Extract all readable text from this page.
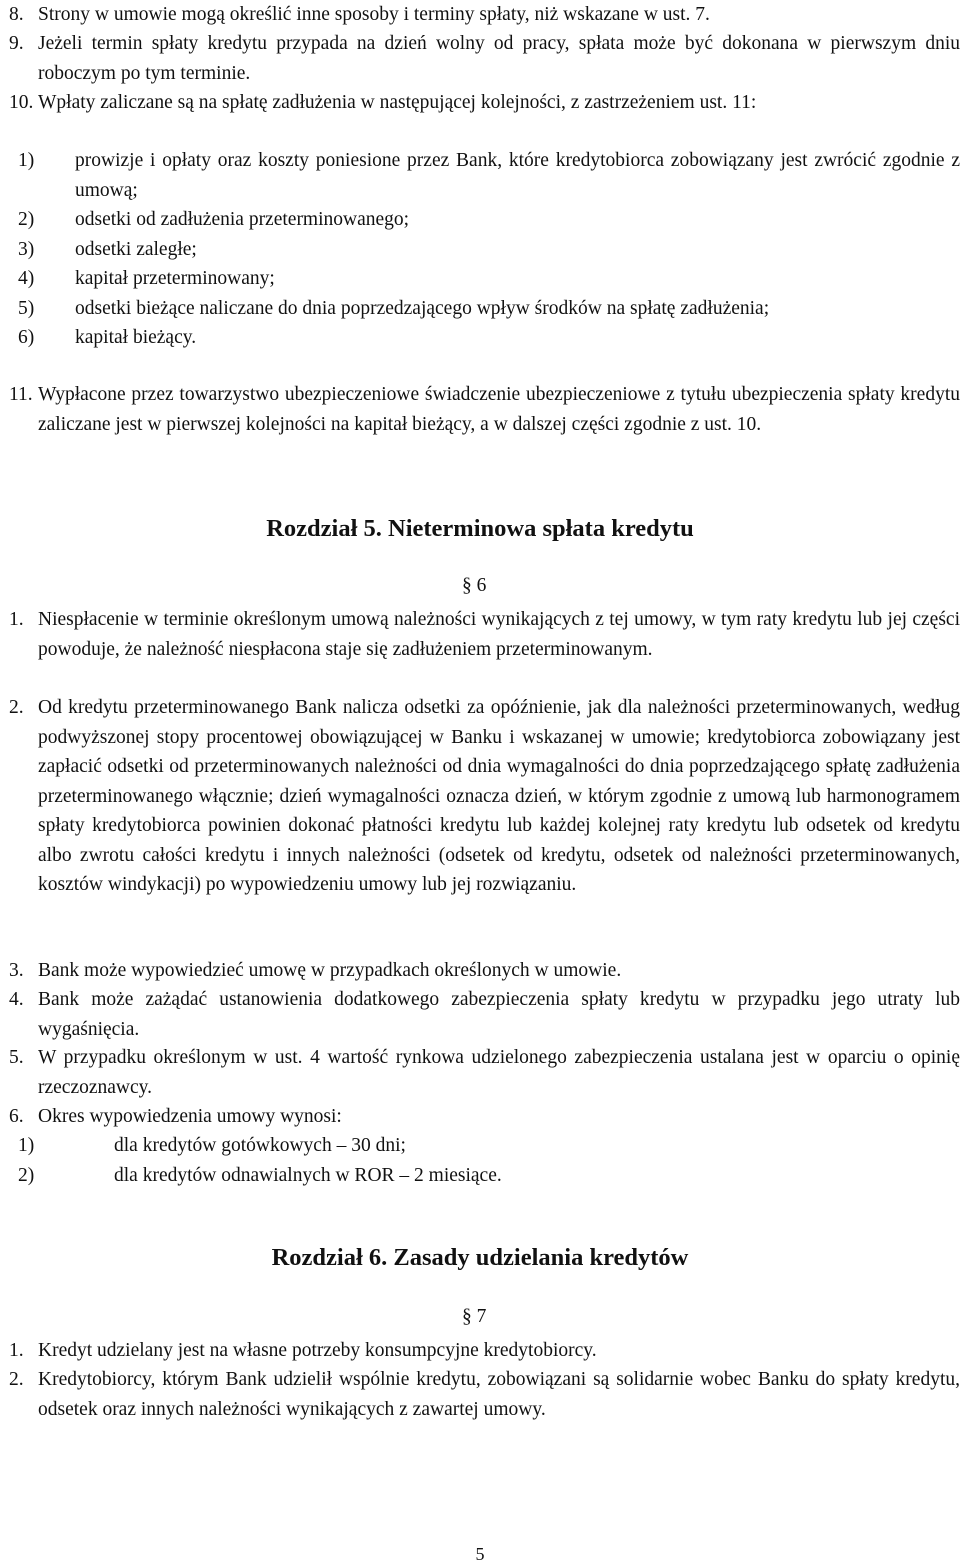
8. Strony w umowie mogą określić inne sposoby i terminy spłaty, niż wskazane w ust. 7.
9. Jeżeli termin spłaty kredytu przypada na dzień wolny od pracy, spłata może być dokonana w pierwszym dniu roboczym po tym terminie.
10. Wpłaty zaliczane są na spłatę zadłużenia w następującej kolejności, z zastrzeżeniem ust. 11:
1)	prowizje i opłaty oraz koszty poniesione przez Bank, które kredytobiorca zobowiązany jest zwrócić zgodnie z umową;
2)	odsetki od zadłużenia przeterminowanego;
3)	odsetki zaległe;
4)	kapitał przeterminowany;
5)	odsetki bieżące naliczane do dnia poprzedzającego wpływ środków na spłatę zadłużenia;
6)	kapitał bieżący.
11. Wypłacone przez towarzystwo ubezpieczeniowe świadczenie ubezpieczeniowe z tytułu ubezpieczenia spłaty kredytu zaliczane jest w pierwszej kolejności na kapitał bieżący, a w dalszej części zgodnie z ust. 10.
Rozdział 5. Nieterminowa spłata kredytu
§ 6
1. Niespłacenie w terminie określonym umową należności wynikających z tej umowy, w tym raty kredytu lub jej części powoduje, że należność niespłacona staje się zadłużeniem przeterminowanym.
2. Od kredytu przeterminowanego Bank nalicza odsetki za opóźnienie, jak dla należności przeterminowanych, według podwyższonej stopy procentowej obowiązującej w Banku i wskazanej w umowie; kredytobiorca zobowiązany jest zapłacić odsetki od przeterminowanych należności od dnia wymagalności do dnia poprzedzającego spłatę zadłużenia przeterminowanego włącznie; dzień wymagalności oznacza dzień, w którym zgodnie z umową lub harmonogramem spłaty kredytobiorca powinien dokonać płatności kredytu lub każdej kolejnej raty kredytu lub odsetek od kredytu albo zwrotu całości kredytu i innych należności (odsetek od kredytu, odsetek od należności przeterminowanych, kosztów windykacji) po wypowiedzeniu umowy lub jej rozwiązaniu.
3. Bank może wypowiedzieć umowę w przypadkach określonych w umowie.
4. Bank może zażądać ustanowienia dodatkowego zabezpieczenia spłaty kredytu w przypadku jego utraty lub wygaśnięcia.
5. W przypadku określonym w ust. 4 wartość rynkowa udzielonego zabezpieczenia ustalana jest w oparciu o opinię rzeczoznawcy.
6. Okres wypowiedzenia umowy wynosi:
1)	dla kredytów gotówkowych – 30 dni;
2)	dla kredytów odnawialnych w ROR – 2 miesiące.
Rozdział 6. Zasady udzielania kredytów
§ 7
1. Kredyt udzielany jest na własne potrzeby konsumpcyjne kredytobiorcy.
2. Kredytobiorcy, którym Bank udzielił wspólnie kredytu, zobowiązani są solidarnie wobec Banku do spłaty kredytu, odsetek oraz innych należności wynikających z zawartej umowy.
5
